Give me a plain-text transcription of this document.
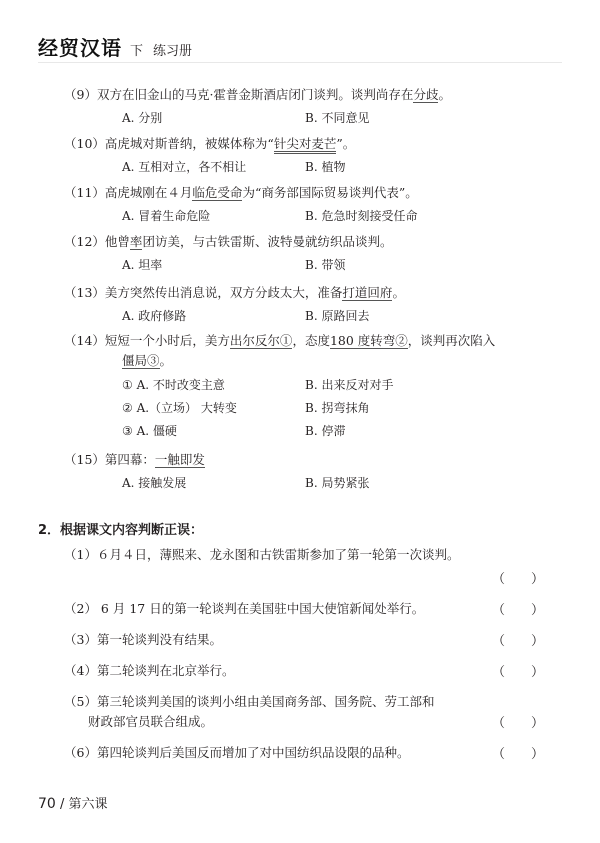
经贸汉语 下 练习册
（9）双方在旧金山的马克·霍普金斯酒店闭门谈判。谈判尚存在分歧。
A. 分别	B. 不同意见
（10）高虎城对斯普纳，被媒体称为“针尖对麦芒”。
A. 互相对立，各不相让	B. 植物
（11）高虎城刚在４月临危受命为“商务部国际贸易谈判代表”。
A. 冒着生命危险	B. 危急时刻接受任命
（12）他曾率团访美，与古铁雷斯、波特曼就纺织品谈判。
A. 坦率	B. 带领
（13）美方突然传出消息说，双方分歧太大，准备打道回府。
A. 政府修路	B. 原路回去
（14）短短一个小时后，美方出尔反尔①，态度180 度转弯②，谈判再次陷入
僵局③。
① A. 不时改变主意	B. 出来反对对手
② A.（立场） 大转变	B. 拐弯抹角
③ A. 僵硬	B. 停滞
（15）第四幕：一触即发
A. 接触发展	B. 局势紧张
2．根据课文内容判断正误：
（1）６月４日，薄熙来、龙永图和古铁雷斯参加了第一轮第一次谈判。
（　　）
（2） 6 月 17 日的第一轮谈判在美国驻中国大使馆新闻处举行。	（　　）
（3）第一轮谈判没有结果。	（　　）
（4）第二轮谈判在北京举行。	（　　）
（5）第三轮谈判美国的谈判小组由美国商务部、国务院、劳工部和
财政部官员联合组成。	（　　）
（6）第四轮谈判后美国反而增加了对中国纺织品设限的品种。	（　　）
70 / 第六课
